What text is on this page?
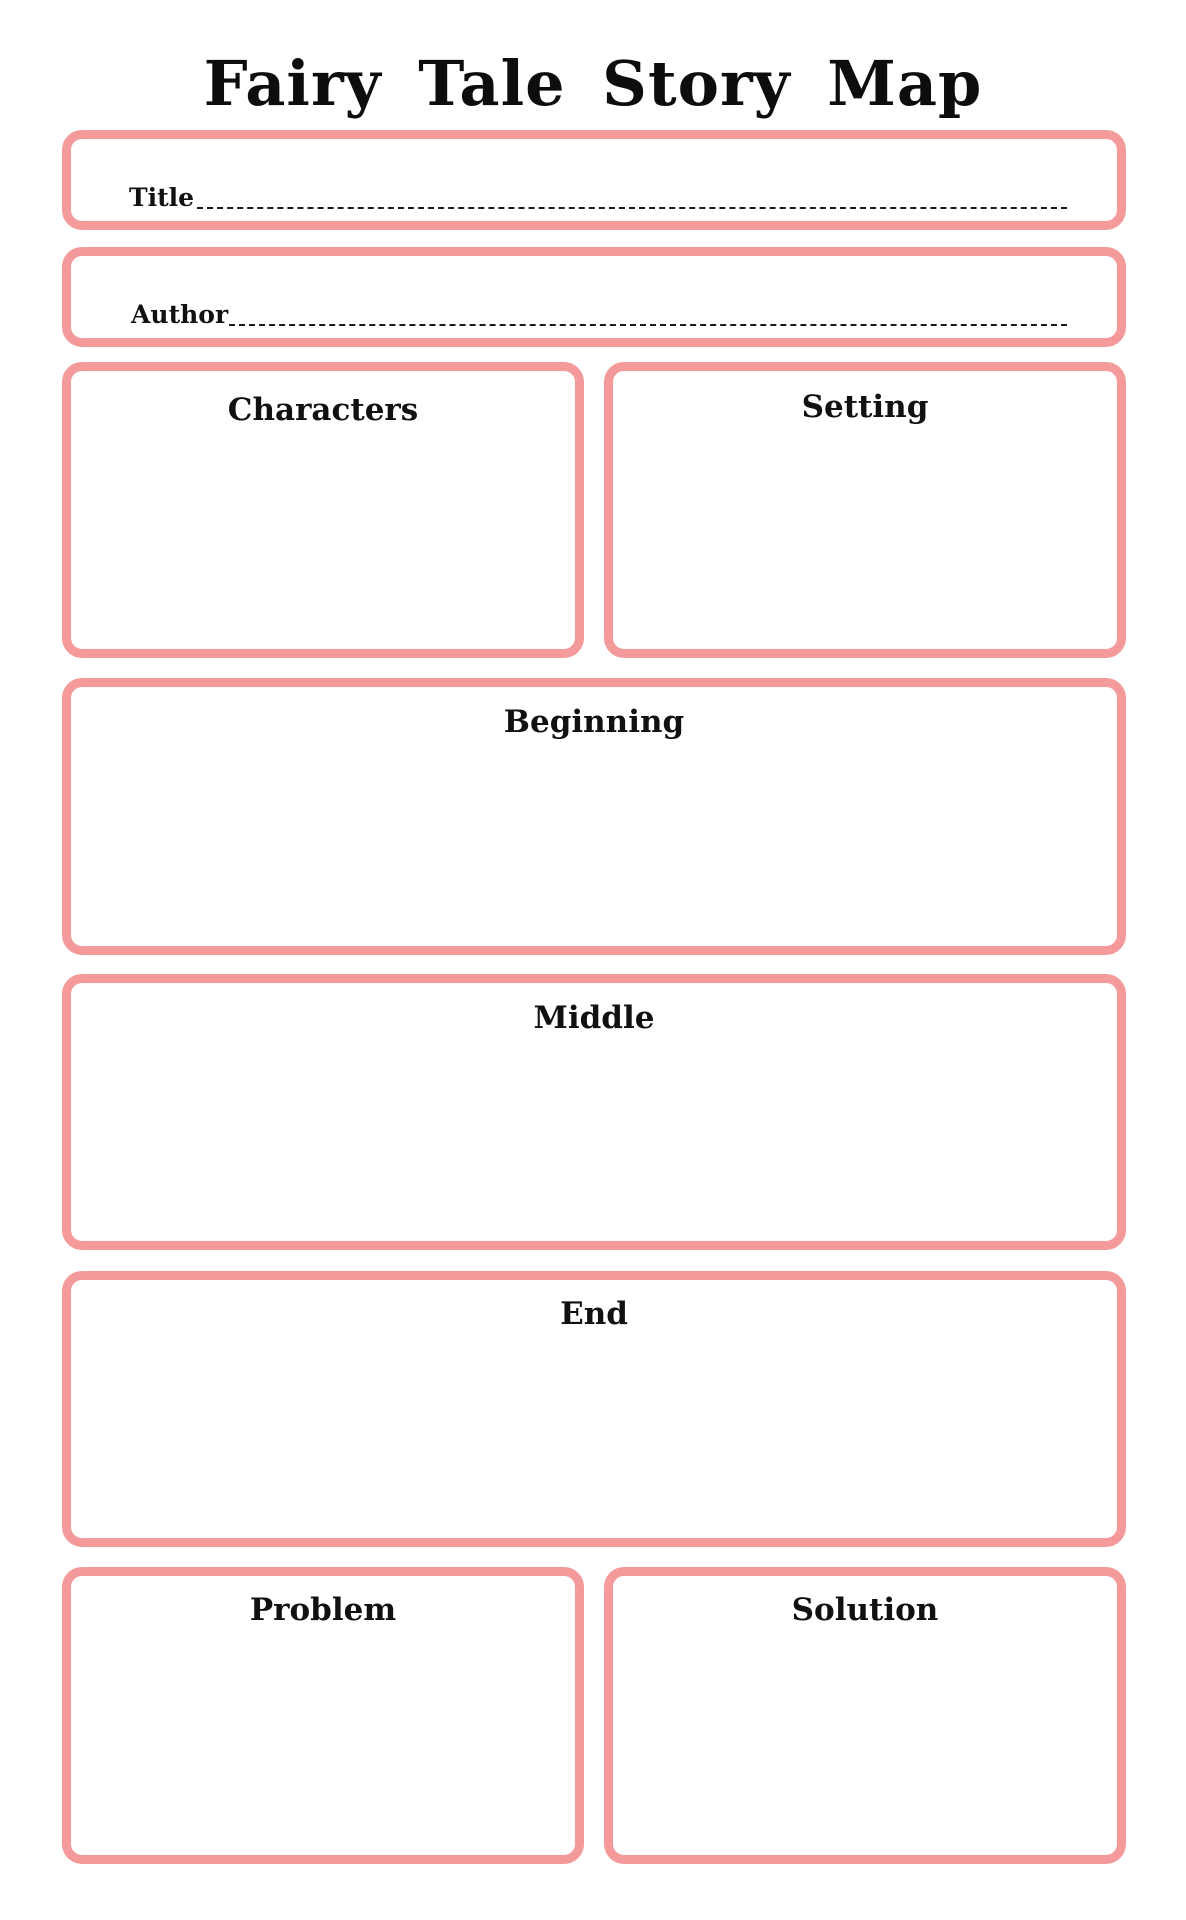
Fairy Tale Story Map
Title
Author
Characters	Setting
Beginning
Middle
End
Problem	Solution
